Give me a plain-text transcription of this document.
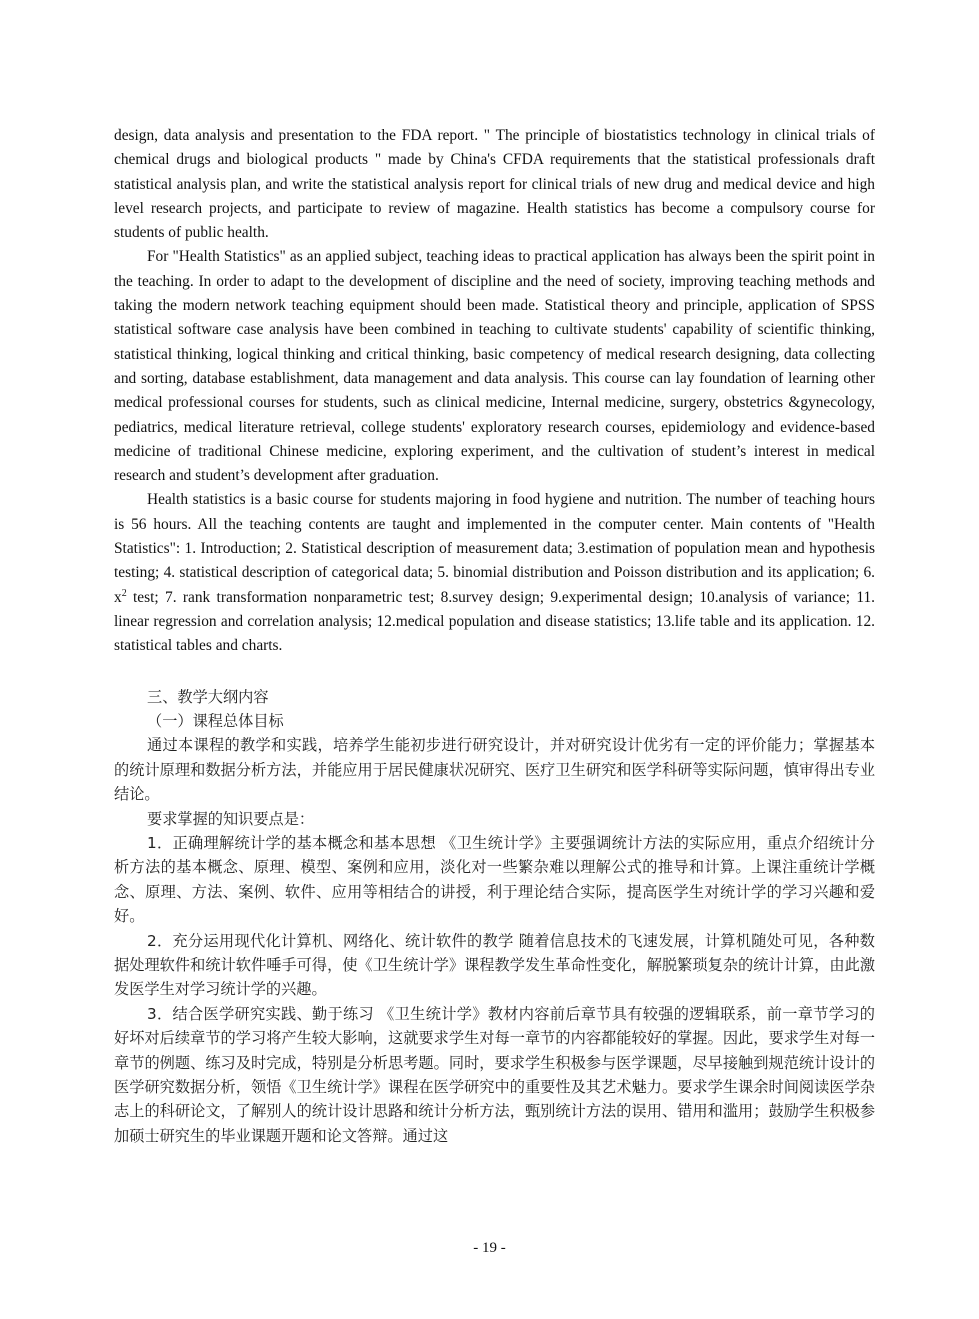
design, data analysis and presentation to the FDA report. " The principle of biostatistics technology in clinical trials of chemical drugs and biological products " made by China's CFDA requirements that the statistical professionals draft statistical analysis plan, and write the statistical analysis report for clinical trials of new drug and medical device and high level research projects, and participate to review of magazine. Health statistics has become a compulsory course for students of public health.

For "Health Statistics" as an applied subject, teaching ideas to practical application has always been the spirit point in the teaching. In order to adapt to the development of discipline and the need of society, improving teaching methods and taking the modern network teaching equipment should been made. Statistical theory and principle, application of SPSS statistical software case analysis have been combined in teaching to cultivate students' capability of scientific thinking, statistical thinking, logical thinking and critical thinking, basic competency of medical research designing, data collecting and sorting, database establishment, data management and data analysis. This course can lay foundation of learning other medical professional courses for students, such as clinical medicine, Internal medicine, surgery, obstetrics &gynecology, pediatrics, medical literature retrieval, college students' exploratory research courses, epidemiology and evidence-based medicine of traditional Chinese medicine, exploring experiment, and the cultivation of student’s interest in medical research and student’s development after graduation.

Health statistics is a basic course for students majoring in food hygiene and nutrition. The number of teaching hours is 56 hours. All the teaching contents are taught and implemented in the computer center. Main contents of "Health Statistics": 1. Introduction; 2. Statistical description of measurement data; 3.estimation of population mean and hypothesis testing; 4. statistical description of categorical data; 5. binomial distribution and Poisson distribution and its application; 6. $x^2$ test; 7. rank transformation nonparametric test; 8.survey design; 9.experimental design; 10.analysis of variance; 11. linear regression and correlation analysis; 12.medical population and disease statistics; 13.life table and its application. 12. statistical tables and charts.

三、教学大纲内容

（一）课程总体目标

通过本课程的教学和实践，培养学生能初步进行研究设计，并对研究设计优劣有一定的评价能力；掌握基本的统计原理和数据分析方法，并能应用于居民健康状况研究、医疗卫生研究和医学科研等实际问题，慎审得出专业结论。

要求掌握的知识要点是：

1．正确理解统计学的基本概念和基本思想 《卫生统计学》主要强调统计方法的实际应用，重点介绍统计分析方法的基本概念、原理、模型、案例和应用，淡化对一些繁杂难以理解公式的推导和计算。上课注重统计学概念、原理、方法、案例、软件、应用等相结合的讲授，利于理论结合实际，提高医学生对统计学的学习兴趣和爱好。

2．充分运用现代化计算机、网络化、统计软件的教学 随着信息技术的飞速发展，计算机随处可见，各种数据处理软件和统计软件唾手可得，使《卫生统计学》课程教学发生革命性变化，解脱繁琐复杂的统计计算，由此激发医学生对学习统计学的兴趣。

3．结合医学研究实践、勤于练习 《卫生统计学》教材内容前后章节具有较强的逻辑联系，前一章节学习的好坏对后续章节的学习将产生较大影响，这就要求学生对每一章节的内容都能较好的掌握。因此，要求学生对每一章节的例题、练习及时完成，特别是分析思考题。同时，要求学生积极参与医学课题，尽早接触到规范统计设计的医学研究数据分析，领悟《卫生统计学》课程在医学研究中的重要性及其艺术魅力。要求学生课余时间阅读医学杂志上的科研论文，了解别人的统计设计思路和统计分析方法，甄别统计方法的误用、错用和滥用；鼓励学生积极参加硕士研究生的毕业课题开题和论文答辩。通过这

- 19 -
